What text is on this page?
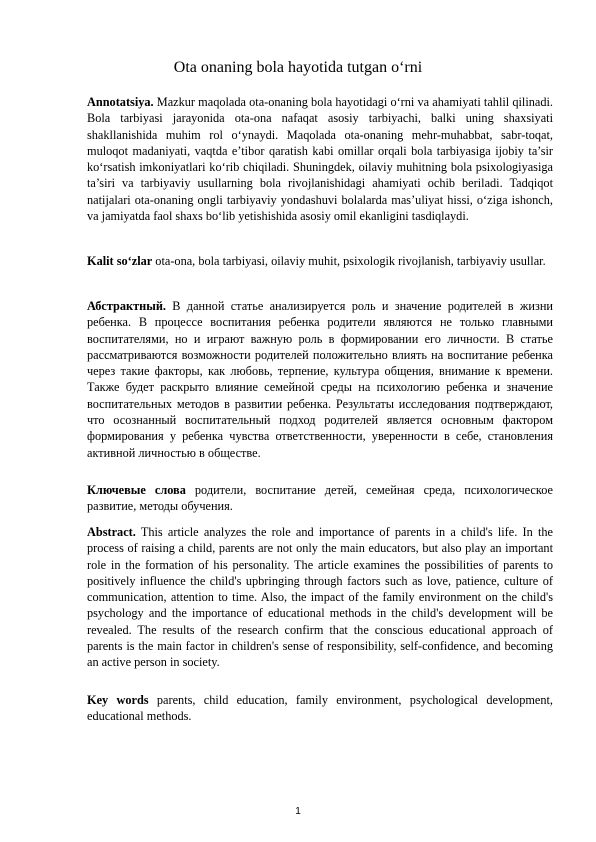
Ota onaning bola hayotida tutgan o‘rni
Annotatsiya. Mazkur maqolada ota-onaning bola hayotidagi o‘rni va ahamiyati tahlil qilinadi. Bola tarbiyasi jarayonida ota-ona nafaqat asosiy tarbiyachi, balki uning shaxsiyati shakllanishida muhim rol o‘ynaydi. Maqolada ota-onaning mehr-muhabbat, sabr-toqat, muloqot madaniyati, vaqtda e’tibor qaratish kabi omillar orqali bola tarbiyasiga ijobiy ta’sir ko‘rsatish imkoniyatlari ko‘rib chiqiladi. Shuningdek, oilaviy muhitning bola psixologiyasiga ta’siri va tarbiyaviy usullarning bola rivojlanishidagi ahamiyati ochib beriladi. Tadqiqot natijalari ota-onaning ongli tarbiyaviy yondashuvi bolalarda mas’uliyat hissi, o‘ziga ishonch, va jamiyatda faol shaxs bo‘lib yetishishida asosiy omil ekanligini tasdiqlaydi.
Kalit so‘zlar ota-ona, bola tarbiyasi, oilaviy muhit, psixologik rivojlanish, tarbiyaviy usullar.
Абстрактный. В данной статье анализируется роль и значение родителей в жизни ребенка. В процессе воспитания ребенка родители являются не только главными воспитателями, но и играют важную роль в формировании его личности. В статье рассматриваются возможности родителей положительно влиять на воспитание ребенка через такие факторы, как любовь, терпение, культура общения, внимание к времени. Также будет раскрыто влияние семейной среды на психологию ребенка и значение воспитательных методов в развитии ребенка. Результаты исследования подтверждают, что осознанный воспитательный подход родителей является основным фактором формирования у ребенка чувства ответственности, уверенности в себе, становления активной личностью в обществе.
Ключевые слова родители, воспитание детей, семейная среда, психологическое развитие, методы обучения.
Abstract. This article analyzes the role and importance of parents in a child's life. In the process of raising a child, parents are not only the main educators, but also play an important role in the formation of his personality. The article examines the possibilities of parents to positively influence the child's upbringing through factors such as love, patience, culture of communication, attention to time. Also, the impact of the family environment on the child's psychology and the importance of educational methods in the child's development will be revealed. The results of the research confirm that the conscious educational approach of parents is the main factor in children's sense of responsibility, self-confidence, and becoming an active person in society.
Key words parents, child education, family environment, psychological development, educational methods.
1
